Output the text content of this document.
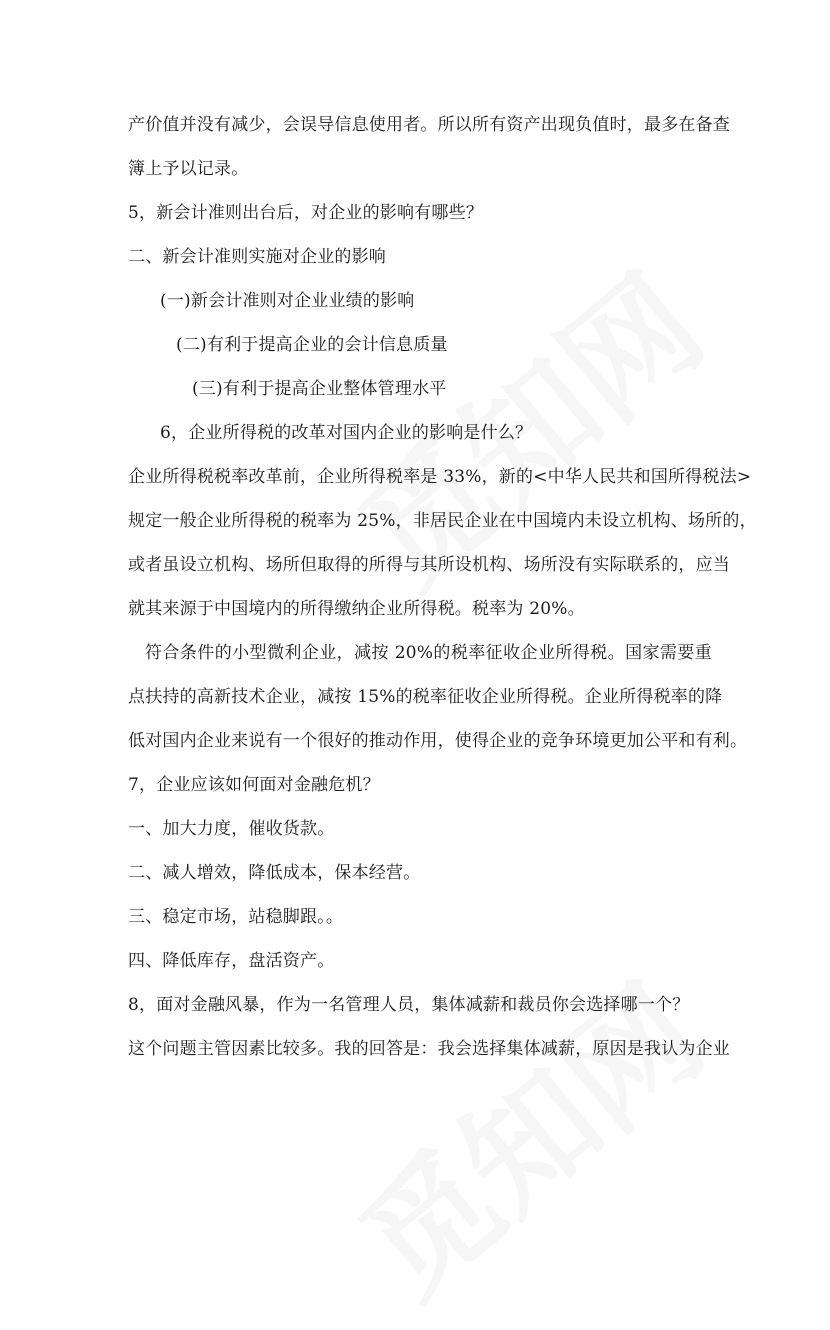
产价值并没有减少，会误导信息使用者。所以所有资产出现负值时，最多在备查
簿上予以记录。
5，新会计准则出台后，对企业的影响有哪些？
二、新会计准则实施对企业的影响
(一)新会计准则对企业业绩的影响
(二)有利于提高企业的会计信息质量
(三)有利于提高企业整体管理水平
6，企业所得税的改革对国内企业的影响是什么？
企业所得税税率改革前，企业所得税率是 33%，新的<中华人民共和国所得税法>
规定一般企业所得税的税率为 25%，非居民企业在中国境内未设立机构、场所的，
或者虽设立机构、场所但取得的所得与其所设机构、场所没有实际联系的，应当
就其来源于中国境内的所得缴纳企业所得税。税率为 20%。
符合条件的小型微利企业，减按 20%的税率征收企业所得税。国家需要重
点扶持的高新技术企业，减按 15%的税率征收企业所得税。企业所得税率的降
低对国内企业来说有一个很好的推动作用，使得企业的竞争环境更加公平和有利。
7，企业应该如何面对金融危机？
一、加大力度，催收货款。
二、减人增效，降低成本，保本经营。
三、稳定市场，站稳脚跟。。
四、降低库存，盘活资产。
8，面对金融风暴，作为一名管理人员，集体减薪和裁员你会选择哪一个？
这个问题主管因素比较多。我的回答是：我会选择集体减薪，原因是我认为企业
